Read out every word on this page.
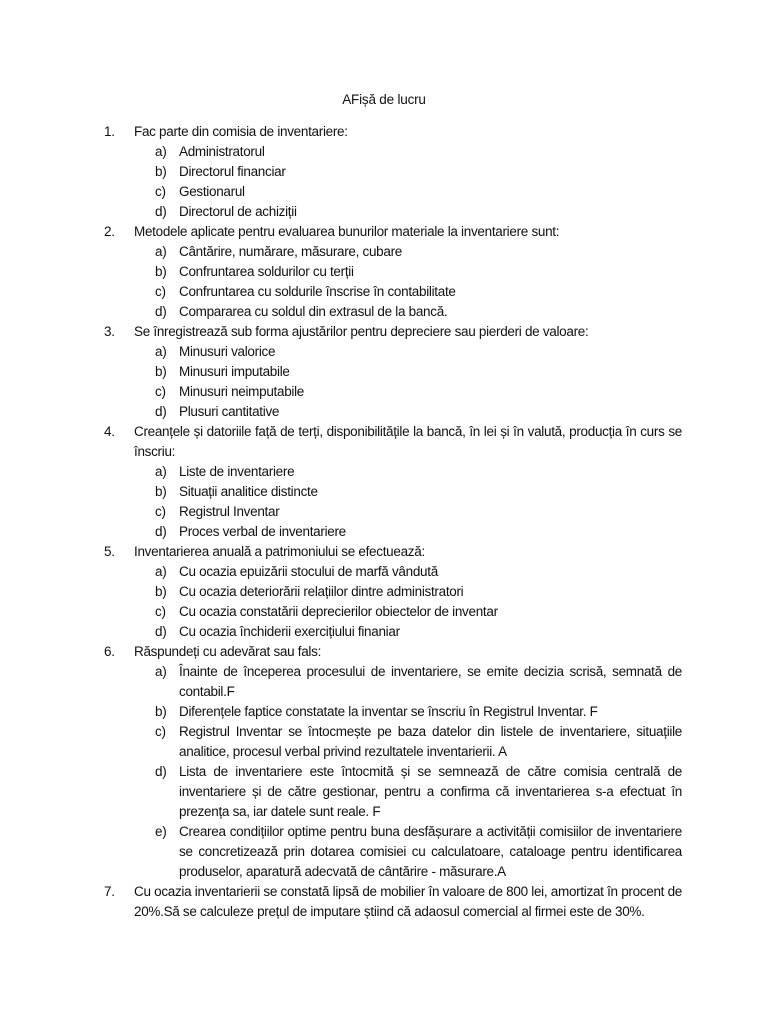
AFișă de lucru
1. Fac parte din comisia de inventariere:
a) Administratorul
b) Directorul financiar
c) Gestionarul
d) Directorul de achiziții
2. Metodele aplicate pentru evaluarea bunurilor materiale la inventariere sunt:
a) Cântărire, numărare, măsurare, cubare
b) Confruntarea soldurilor cu terții
c) Confruntarea cu soldurile înscrise în contabilitate
d) Compararea cu soldul din extrasul de la bancă.
3. Se înregistrează sub forma ajustărilor pentru depreciere sau pierderi de valoare:
a) Minusuri valorice
b) Minusuri imputabile
c) Minusuri neimputabile
d) Plusuri cantitative
4. Creanțele și datoriile față de terți, disponibilitățile la bancă, în lei și în valută, producția în curs se înscriu:
a) Liste de inventariere
b) Situații analitice distincte
c) Registrul Inventar
d) Proces verbal de inventariere
5. Inventarierea anuală a patrimoniului se efectuează:
a) Cu ocazia epuizării stocului de marfă vândută
b) Cu ocazia deteriorării relațiilor dintre administratori
c) Cu ocazia constatării deprecierilor obiectelor de inventar
d) Cu ocazia închiderii exercițiului finaniar
6. Răspundeți cu adevărat sau fals:
a) Înainte de începerea procesului de inventariere, se emite decizia scrisă, semnată de contabil.F
b) Diferențele faptice constatate la inventar se înscriu în Registrul Inventar. F
c) Registrul Inventar se întocmește pe baza datelor din listele de inventariere, situațiile analitice, procesul verbal privind rezultatele inventarierii. A
d) Lista de inventariere este întocmită și se semnează de către comisia centrală de inventariere și de către gestionar, pentru a confirma că inventarierea s-a efectuat în prezența sa, iar datele sunt reale. F
e) Crearea condițiilor optime pentru buna desfășurare a activității comisiilor de inventariere se concretizează prin dotarea comisiei cu calculatoare, cataloage pentru identificarea produselor, aparatură adecvată de cântărire - măsurare.A
7. Cu ocazia inventarierii se constată lipsă de mobilier în valoare de 800 lei, amortizat în procent de 20%.Să se calculeze prețul de imputare știind că adaosul comercial al firmei este de 30%.
